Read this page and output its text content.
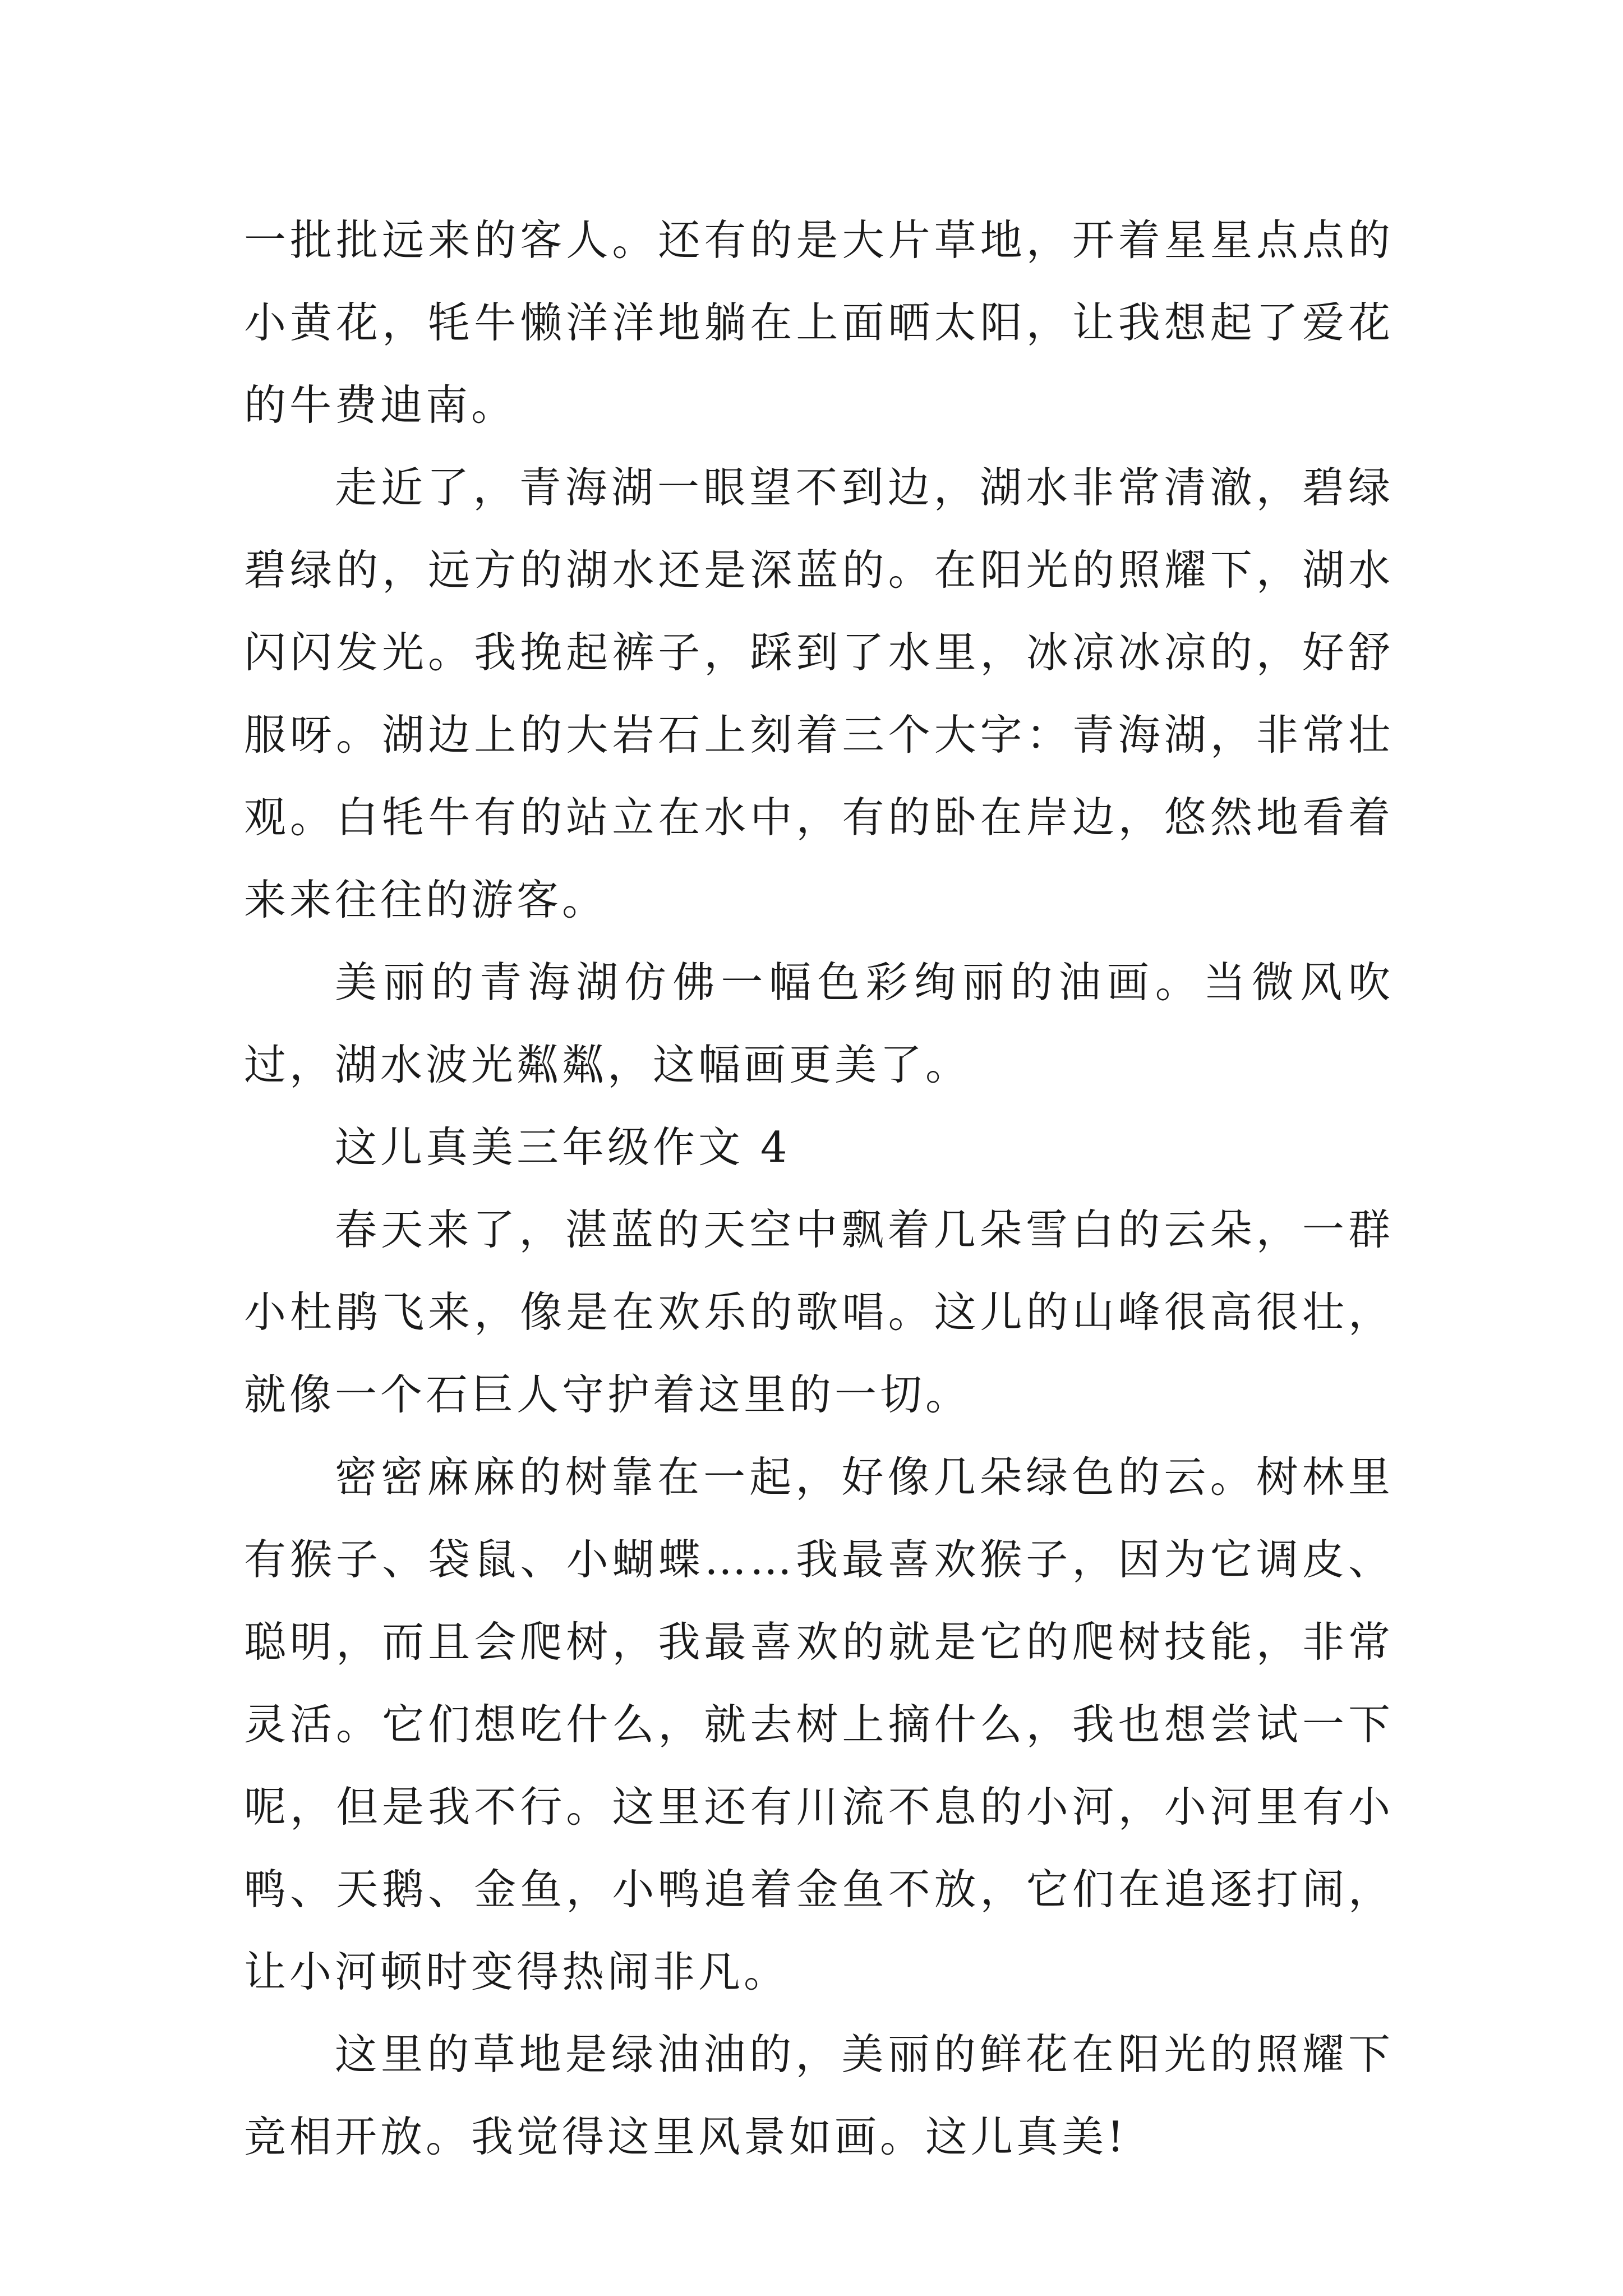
一批批远来的客人。还有的是大片草地，开着星星点点的小黄花，牦牛懒洋洋地躺在上面晒太阳，让我想起了爱花的牛费迪南。

走近了，青海湖一眼望不到边，湖水非常清澈，碧绿碧绿的，远方的湖水还是深蓝的。在阳光的照耀下，湖水闪闪发光。我挽起裤子，踩到了水里，冰凉冰凉的，好舒服呀。湖边上的大岩石上刻着三个大字：青海湖，非常壮观。白牦牛有的站立在水中，有的卧在岸边，悠然地看着来来往往的游客。

美丽的青海湖仿佛一幅色彩绚丽的油画。当微风吹过，湖水波光粼粼，这幅画更美了。

这儿真美三年级作文 4

春天来了，湛蓝的天空中飘着几朵雪白的云朵，一群小杜鹃飞来，像是在欢乐的歌唱。这儿的山峰很高很壮，就像一个石巨人守护着这里的一切。

密密麻麻的树靠在一起，好像几朵绿色的云。树林里有猴子、袋鼠、小蝴蝶……我最喜欢猴子，因为它调皮、聪明，而且会爬树，我最喜欢的就是它的爬树技能，非常灵活。它们想吃什么，就去树上摘什么，我也想尝试一下呢，但是我不行。这里还有川流不息的小河，小河里有小鸭、天鹅、金鱼，小鸭追着金鱼不放，它们在追逐打闹，让小河顿时变得热闹非凡。

这里的草地是绿油油的，美丽的鲜花在阳光的照耀下竞相开放。我觉得这里风景如画。这儿真美!
